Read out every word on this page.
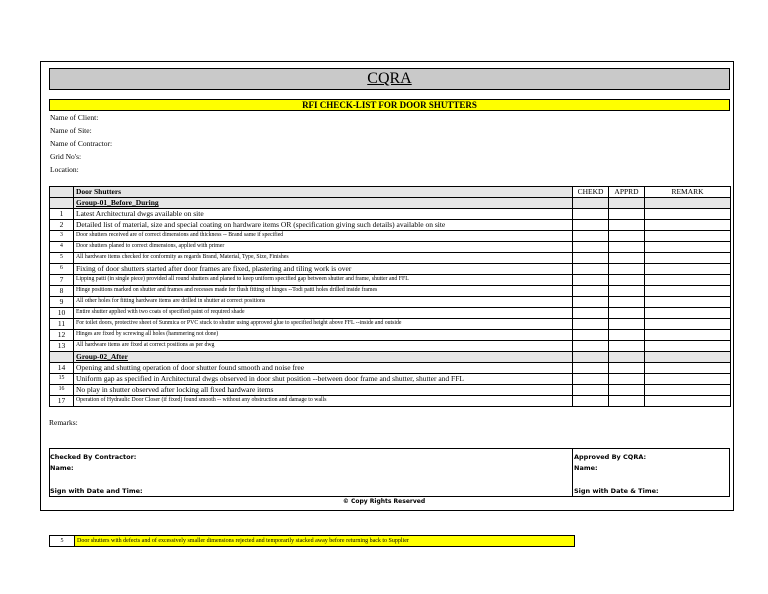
CQRA
RFI CHECK-LIST FOR DOOR SHUTTERS
Name of Client:
Name of Site:
Name of Contractor:
Grid No's:
Location:
	Door Shutters	CHEKD	APPRD	REMARK
	Group-01_Before_During			
1	Latest Architectural dwgs available on site			
2	Detailed list of material, size and special coating on hardware items OR (specification giving such details) available on site			
3	Door shutters received are of correct dimensions and thickness -- Brand same if specified			
4	Door shutters planed to correct dimensions, applied with primer			
5	All hardware items checked for conformity as regards Brand, Material, Type, Size, Finishes			
6	Fixing of door shutters started after door frames are fixed, plastering and tiling work is over			
7	Lipping patti (in single piece) provided all round shutters and planed to keep uniform specified gap between shutter and frame, shutter and FFL			
8	Hinge positions marked on shutter and frames and recesses made for flush fitting of hinges --Todi patti holes drilled inside frames			
9	All other holes for fitting hardware items are drilled in shutter at correct positions			
10	Entire shutter applied with two coats of specified paint of required shade			
11	For toilet doors, protective sheet of Sunmica or PVC stuck to shutter using approved glue to specified height above FFL --inside and outside			
12	Hinges are fixed by screwing all holes (hammering not done)			
13	All hardware items are fixed at correct positions as per dwg			
	Group-02_After			
14	Opening and shutting operation of door shutter found smooth and noise free			
15	Uniform gap as specified in Architectural dwgs observed in door shut position --between door frame and shutter, shutter and FFL			
16	No play in shutter observed after locking all fixed hardware items			
17	Operation of Hydraulic Door Closer (if fixed) found smooth -- without any obstruction and damage to walls			
Remarks:
Checked By Contractor:
Name:
Sign with Date and Time:
Approved By CQRA:
Name:
Sign with Date & Time:
© Copy Rights Reserved
5	Door shutters with defects and of excessively smaller dimensions rejected and temporarily stacked away before returning back to Supplier
